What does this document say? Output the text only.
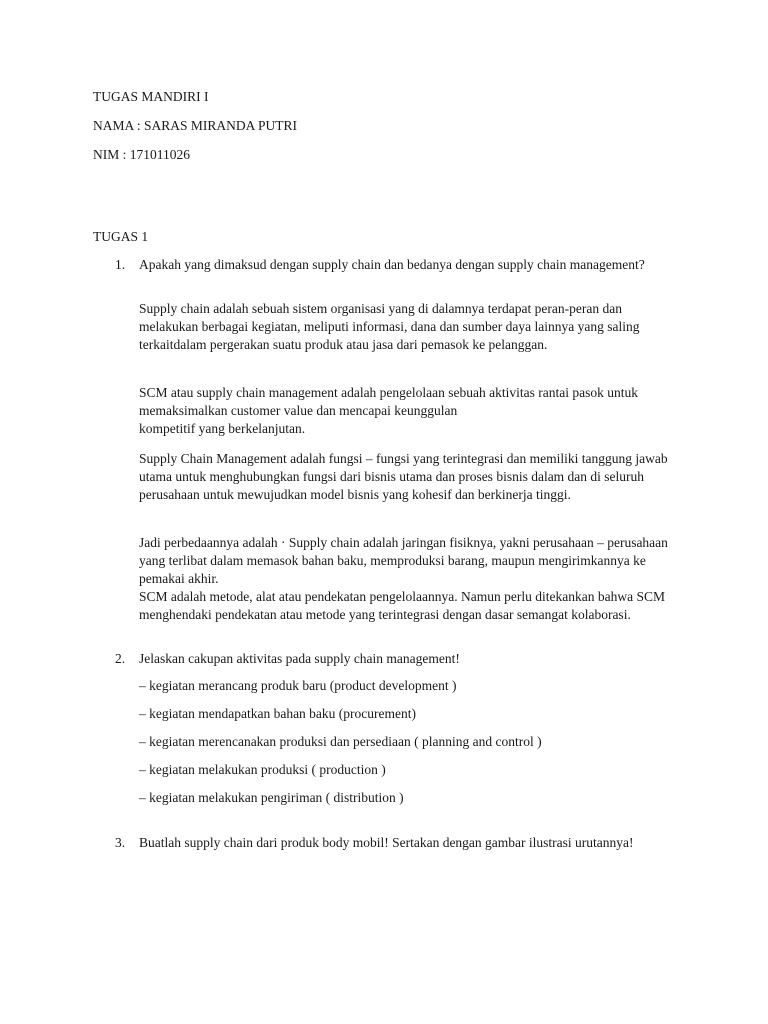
TUGAS MANDIRI I
NAMA : SARAS MIRANDA PUTRI
NIM : 171011026
TUGAS 1
1. Apakah yang dimaksud dengan supply chain dan bedanya dengan supply chain management?

Supply chain adalah sebuah sistem organisasi yang di dalamnya terdapat peran-peran dan melakukan berbagai kegiatan, meliputi informasi, dana dan sumber daya lainnya yang saling terkaitdalam pergerakan suatu produk atau jasa dari pemasok ke pelanggan.

SCM atau supply chain management adalah pengelolaan sebuah aktivitas rantai pasok untuk memaksimalkan customer value dan mencapai keunggulan

kompetitif yang berkelanjutan.

Supply Chain Management adalah fungsi – fungsi yang terintegrasi dan memiliki tanggung jawab utama untuk menghubungkan fungsi dari bisnis utama dan proses bisnis dalam dan di seluruh perusahaan untuk mewujudkan model bisnis yang kohesif dan berkinerja tinggi.

Jadi perbedaannya adalah · Supply chain adalah jaringan fisiknya, yakni perusahaan – perusahaan yang terlibat dalam memasok bahan baku, memproduksi barang, maupun mengirimkannya ke pemakai akhir.

SCM adalah metode, alat atau pendekatan pengelolaannya. Namun perlu ditekankan bahwa SCM menghendaki pendekatan atau metode yang terintegrasi dengan dasar semangat kolaborasi.

2. Jelaskan cakupan aktivitas pada supply chain management!
– kegiatan merancang produk baru (product development )
– kegiatan mendapatkan bahan baku (procurement)
– kegiatan merencanakan produksi dan persediaan ( planning and control )
– kegiatan melakukan produksi ( production )
– kegiatan melakukan pengiriman ( distribution )
3. Buatlah supply chain dari produk body mobil! Sertakan dengan gambar ilustrasi urutannya!
